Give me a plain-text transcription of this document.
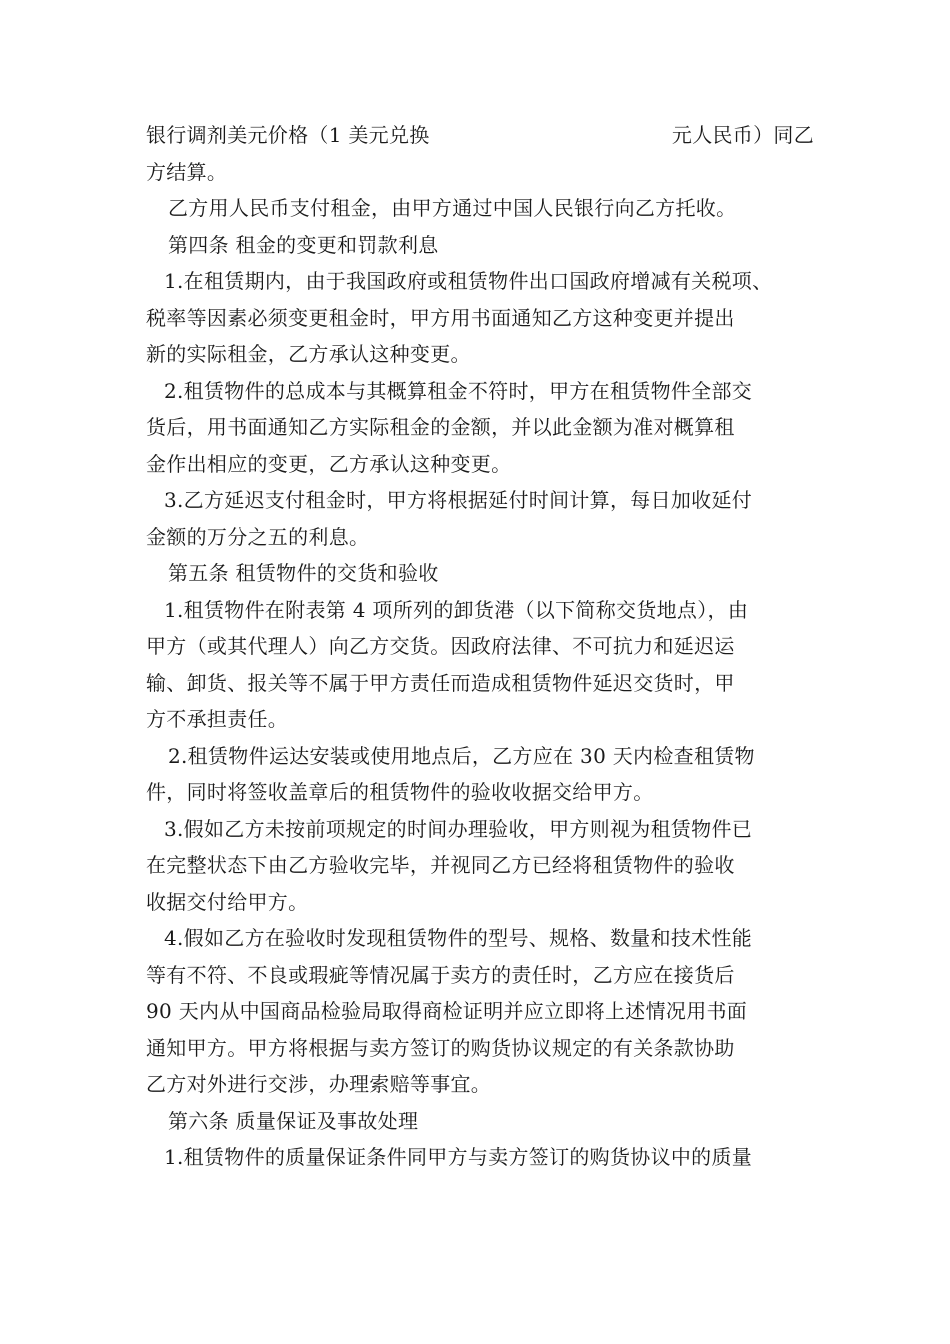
银行调剂美元价格（1 美元兑换	元人民币）同乙
方结算。
乙方用人民币支付租金，由甲方通过中国人民银行向乙方托收。
第四条 租金的变更和罚款利息
1.在租赁期内，由于我国政府或租赁物件出口国政府增减有关税项、
税率等因素必须变更租金时，甲方用书面通知乙方这种变更并提出
新的实际租金，乙方承认这种变更。
2.租赁物件的总成本与其概算租金不符时，甲方在租赁物件全部交
货后，用书面通知乙方实际租金的金额，并以此金额为准对概算租
金作出相应的变更，乙方承认这种变更。
3.乙方延迟支付租金时，甲方将根据延付时间计算，每日加收延付
金额的万分之五的利息。
第五条 租赁物件的交货和验收
1.租赁物件在附表第 4 项所列的卸货港（以下简称交货地点），由
甲方（或其代理人）向乙方交货。因政府法律、不可抗力和延迟运
输、卸货、报关等不属于甲方责任而造成租赁物件延迟交货时，甲
方不承担责任。
2.租赁物件运达安装或使用地点后，乙方应在 30 天内检查租赁物
件，同时将签收盖章后的租赁物件的验收收据交给甲方。
3.假如乙方未按前项规定的时间办理验收，甲方则视为租赁物件已
在完整状态下由乙方验收完毕，并视同乙方已经将租赁物件的验收
收据交付给甲方。
4.假如乙方在验收时发现租赁物件的型号、规格、数量和技术性能
等有不符、不良或瑕疵等情况属于卖方的责任时，乙方应在接货后
90 天内从中国商品检验局取得商检证明并应立即将上述情况用书面
通知甲方。甲方将根据与卖方签订的购货协议规定的有关条款协助
乙方对外进行交涉，办理索赔等事宜。
第六条 质量保证及事故处理
1.租赁物件的质量保证条件同甲方与卖方签订的购货协议中的质量
